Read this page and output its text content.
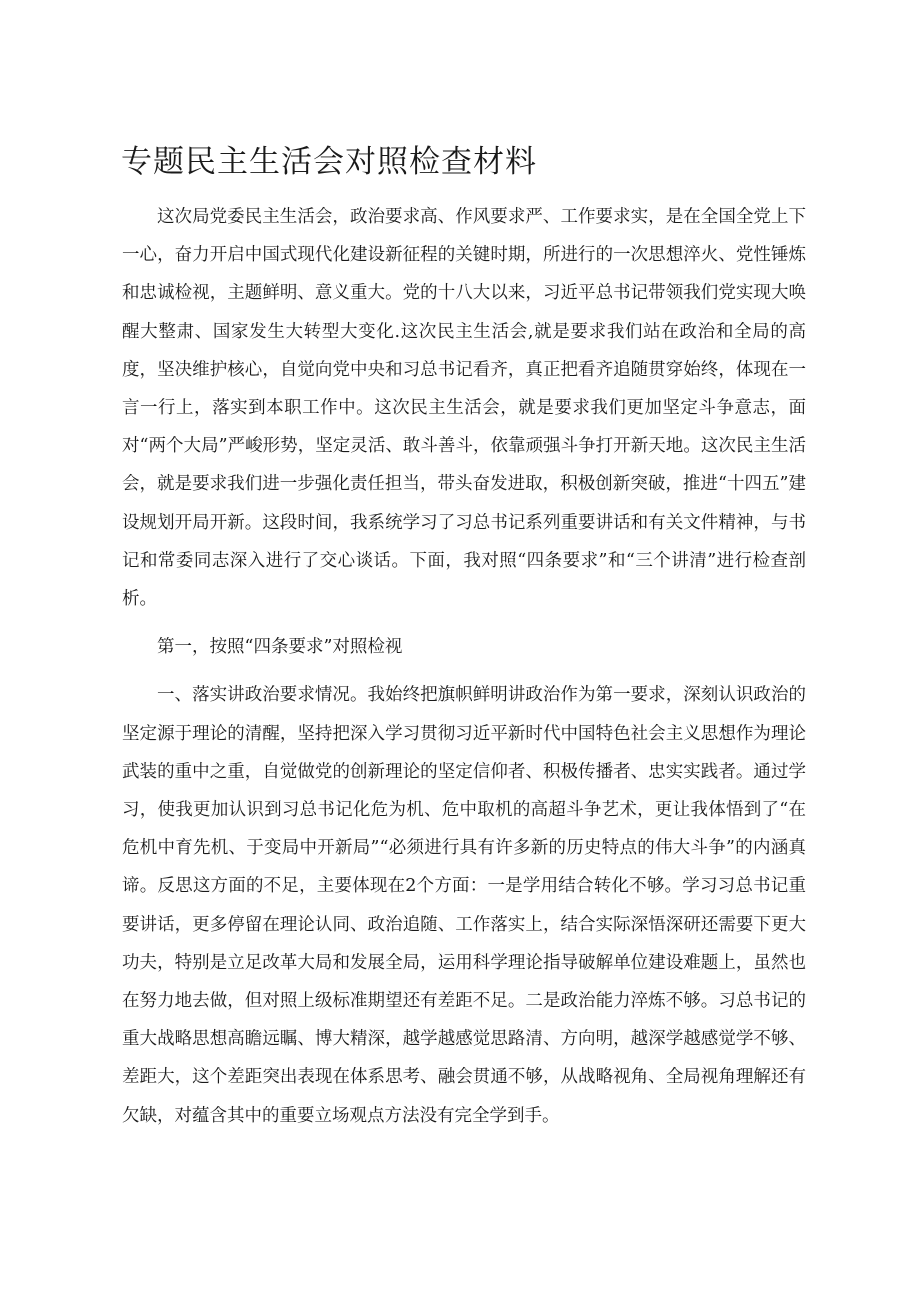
专题民主生活会对照检查材料

这次局党委民主生活会，政治要求高、作风要求严、工作要求实，是在全国全党上下一心，奋力开启中国式现代化建设新征程的关键时期，所进行的一次思想淬火、党性锤炼和忠诚检视，主题鲜明、意义重大。党的十八大以来，习近平总书记带领我们党实现大唤醒大整肃、国家发生大转型大变化.这次民主生活会,就是要求我们站在政治和全局的高度，坚决维护核心，自觉向党中央和习总书记看齐，真正把看齐追随贯穿始终，体现在一言一行上，落实到本职工作中。这次民主生活会，就是要求我们更加坚定斗争意志，面对“两个大局”严峻形势，坚定灵活、敢斗善斗，依靠顽强斗争打开新天地。这次民主生活会，就是要求我们进一步强化责任担当，带头奋发进取，积极创新突破，推进“十四五”建设规划开局开新。这段时间，我系统学习了习总书记系列重要讲话和有关文件精神，与书记和常委同志深入进行了交心谈话。下面，我对照“四条要求”和“三个讲清”进行检查剖析。

第一，按照“四条要求”对照检视

一、落实讲政治要求情况。我始终把旗帜鲜明讲政治作为第一要求，深刻认识政治的坚定源于理论的清醒，坚持把深入学习贯彻习近平新时代中国特色社会主义思想作为理论武装的重中之重，自觉做党的创新理论的坚定信仰者、积极传播者、忠实实践者。通过学习，使我更加认识到习总书记化危为机、危中取机的高超斗争艺术，更让我体悟到了“在危机中育先机、于变局中开新局”“必须进行具有许多新的历史特点的伟大斗争”的内涵真谛。反思这方面的不足，主要体现在2个方面：一是学用结合转化不够。学习习总书记重要讲话，更多停留在理论认同、政治追随、工作落实上，结合实际深悟深研还需要下更大功夫，特别是立足改革大局和发展全局，运用科学理论指导破解单位建设难题上，虽然也在努力地去做，但对照上级标准期望还有差距不足。二是政治能力淬炼不够。习总书记的重大战略思想高瞻远瞩、博大精深，越学越感觉思路清、方向明，越深学越感觉学不够、差距大，这个差距突出表现在体系思考、融会贯通不够，从战略视角、全局视角理解还有欠缺，对蕴含其中的重要立场观点方法没有完全学到手。
